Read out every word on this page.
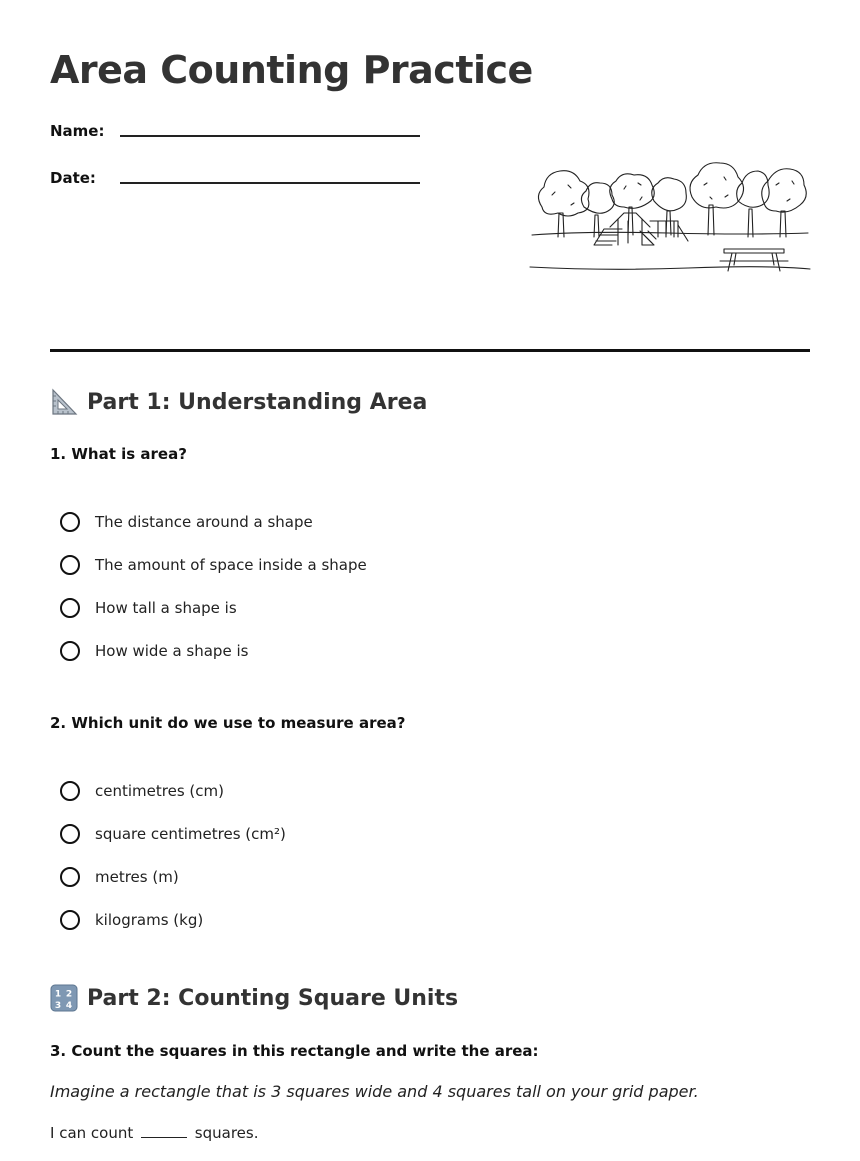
Area Counting Practice
Name:
Date:
Part 1: Understanding Area

1. What is area?

The distance around a shape
The amount of space inside a shape
How tall a shape is
How wide a shape is

2. Which unit do we use to measure area?

centimetres (cm)
square centimetres (cm²)
metres (m)
kilograms (kg)
1 2
3 4 Part 2: Counting Square Units

3. Count the squares in this rectangle and write the area:

Imagine a rectangle that is 3 squares wide and 4 squares tall on your grid paper.
I can count	squares.
